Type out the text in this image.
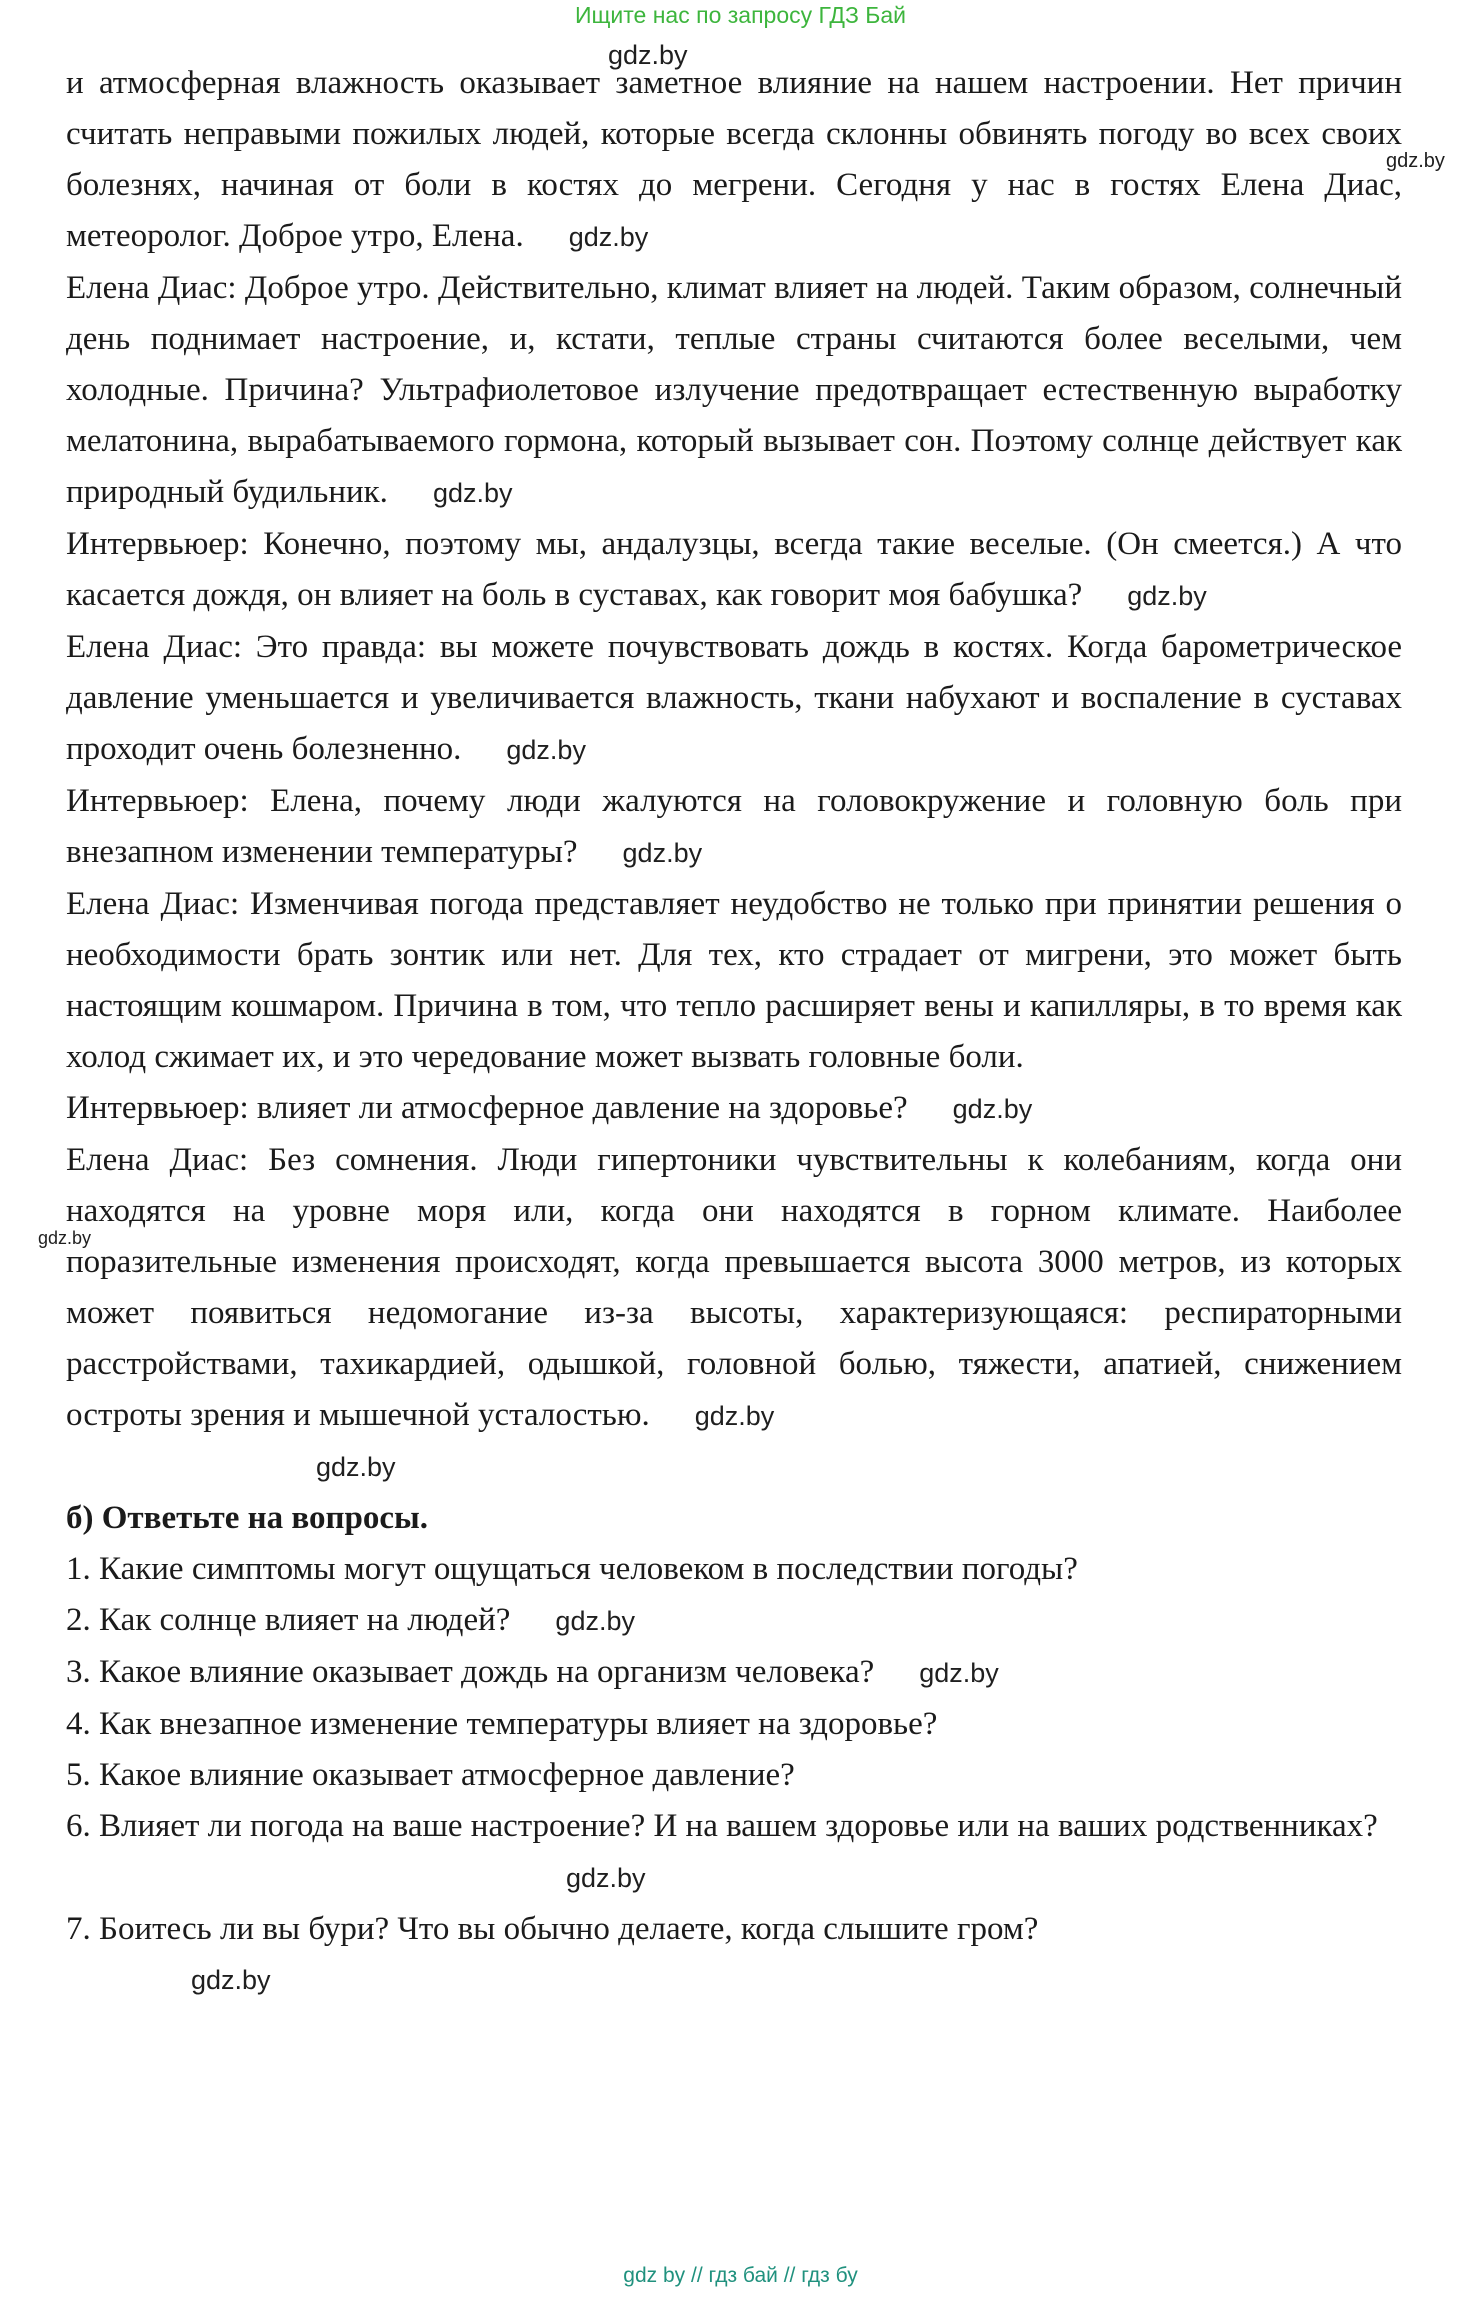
Ищите нас по запросу ГДЗ Бай
gdz.by
gdz.by
gdz.by

и атмосферная влажность оказывает заметное влияние на нашем настроении. Нет причин считать неправыми пожилых людей, которые всегда склонны обвинять погоду во всех своих болезнях, начиная от боли в костях до мегрени. Сегодня у нас в гостях Елена Диас, метеоролог. Доброе утро, Елена. gdz.by

Елена Диас: Доброе утро. Действительно, климат влияет на людей. Таким образом, солнечный день поднимает настроение, и, кстати, теплые страны считаются более веселыми, чем холодные. Причина? Ультрафиолетовое излучение предотвращает естественную выработку мелатонина, вырабатываемого гормона, который вызывает сон. Поэтому солнце действует как природный будильник. gdz.by

Интервьюер: Конечно, поэтому мы, андалузцы, всегда такие веселые. (Он смеется.) А что касается дождя, он влияет на боль в суставах, как говорит моя бабушка? gdz.by

Елена Диас: Это правда: вы можете почувствовать дождь в костях. Когда барометрическое давление уменьшается и увеличивается влажность, ткани набухают и воспаление в суставах проходит очень болезненно. gdz.by

Интервьюер: Елена, почему люди жалуются на головокружение и головную боль при внезапном изменении температуры? gdz.by

Елена Диас: Изменчивая погода представляет неудобство не только при принятии решения о необходимости брать зонтик или нет. Для тех, кто страдает от мигрени, это может быть настоящим кошмаром. Причина в том, что тепло расширяет вены и капилляры, в то время как холод сжимает их, и это чередование может вызвать головные боли.

Интервьюер: влияет ли атмосферное давление на здоровье? gdz.by

Елена Диас: Без сомнения. Люди гипертоники чувствительны к колебаниям, когда они находятся на уровне моря или, когда они находятся в горном климате. Наиболее поразительные изменения происходят, когда превышается высота 3000 метров, из которых может появиться недомогание из-за высоты, характеризующаяся: респираторными расстройствами, тахикардией, одышкой, головной болью, тяжести, апатией, снижением остроты зрения и мышечной усталостью. gdz.by

gdz.by

б) Ответьте на вопросы.

1. Какие симптомы могут ощущаться человеком в последствии погоды?

2. Как солнце влияет на людей? gdz.by

3. Какое влияние оказывает дождь на организм человека? gdz.by

4. Как внезапное изменение температуры влияет на здоровье?

5. Какое влияние оказывает атмосферное давление?

6. Влияет ли погода на ваше настроение? И на вашем здоровье или на ваших родственниках?gdz.by

7. Боитесь ли вы бури? Что вы обычно делаете, когда слышите гром?

gdz.by

gdz by // гдз бай // гдз бу
